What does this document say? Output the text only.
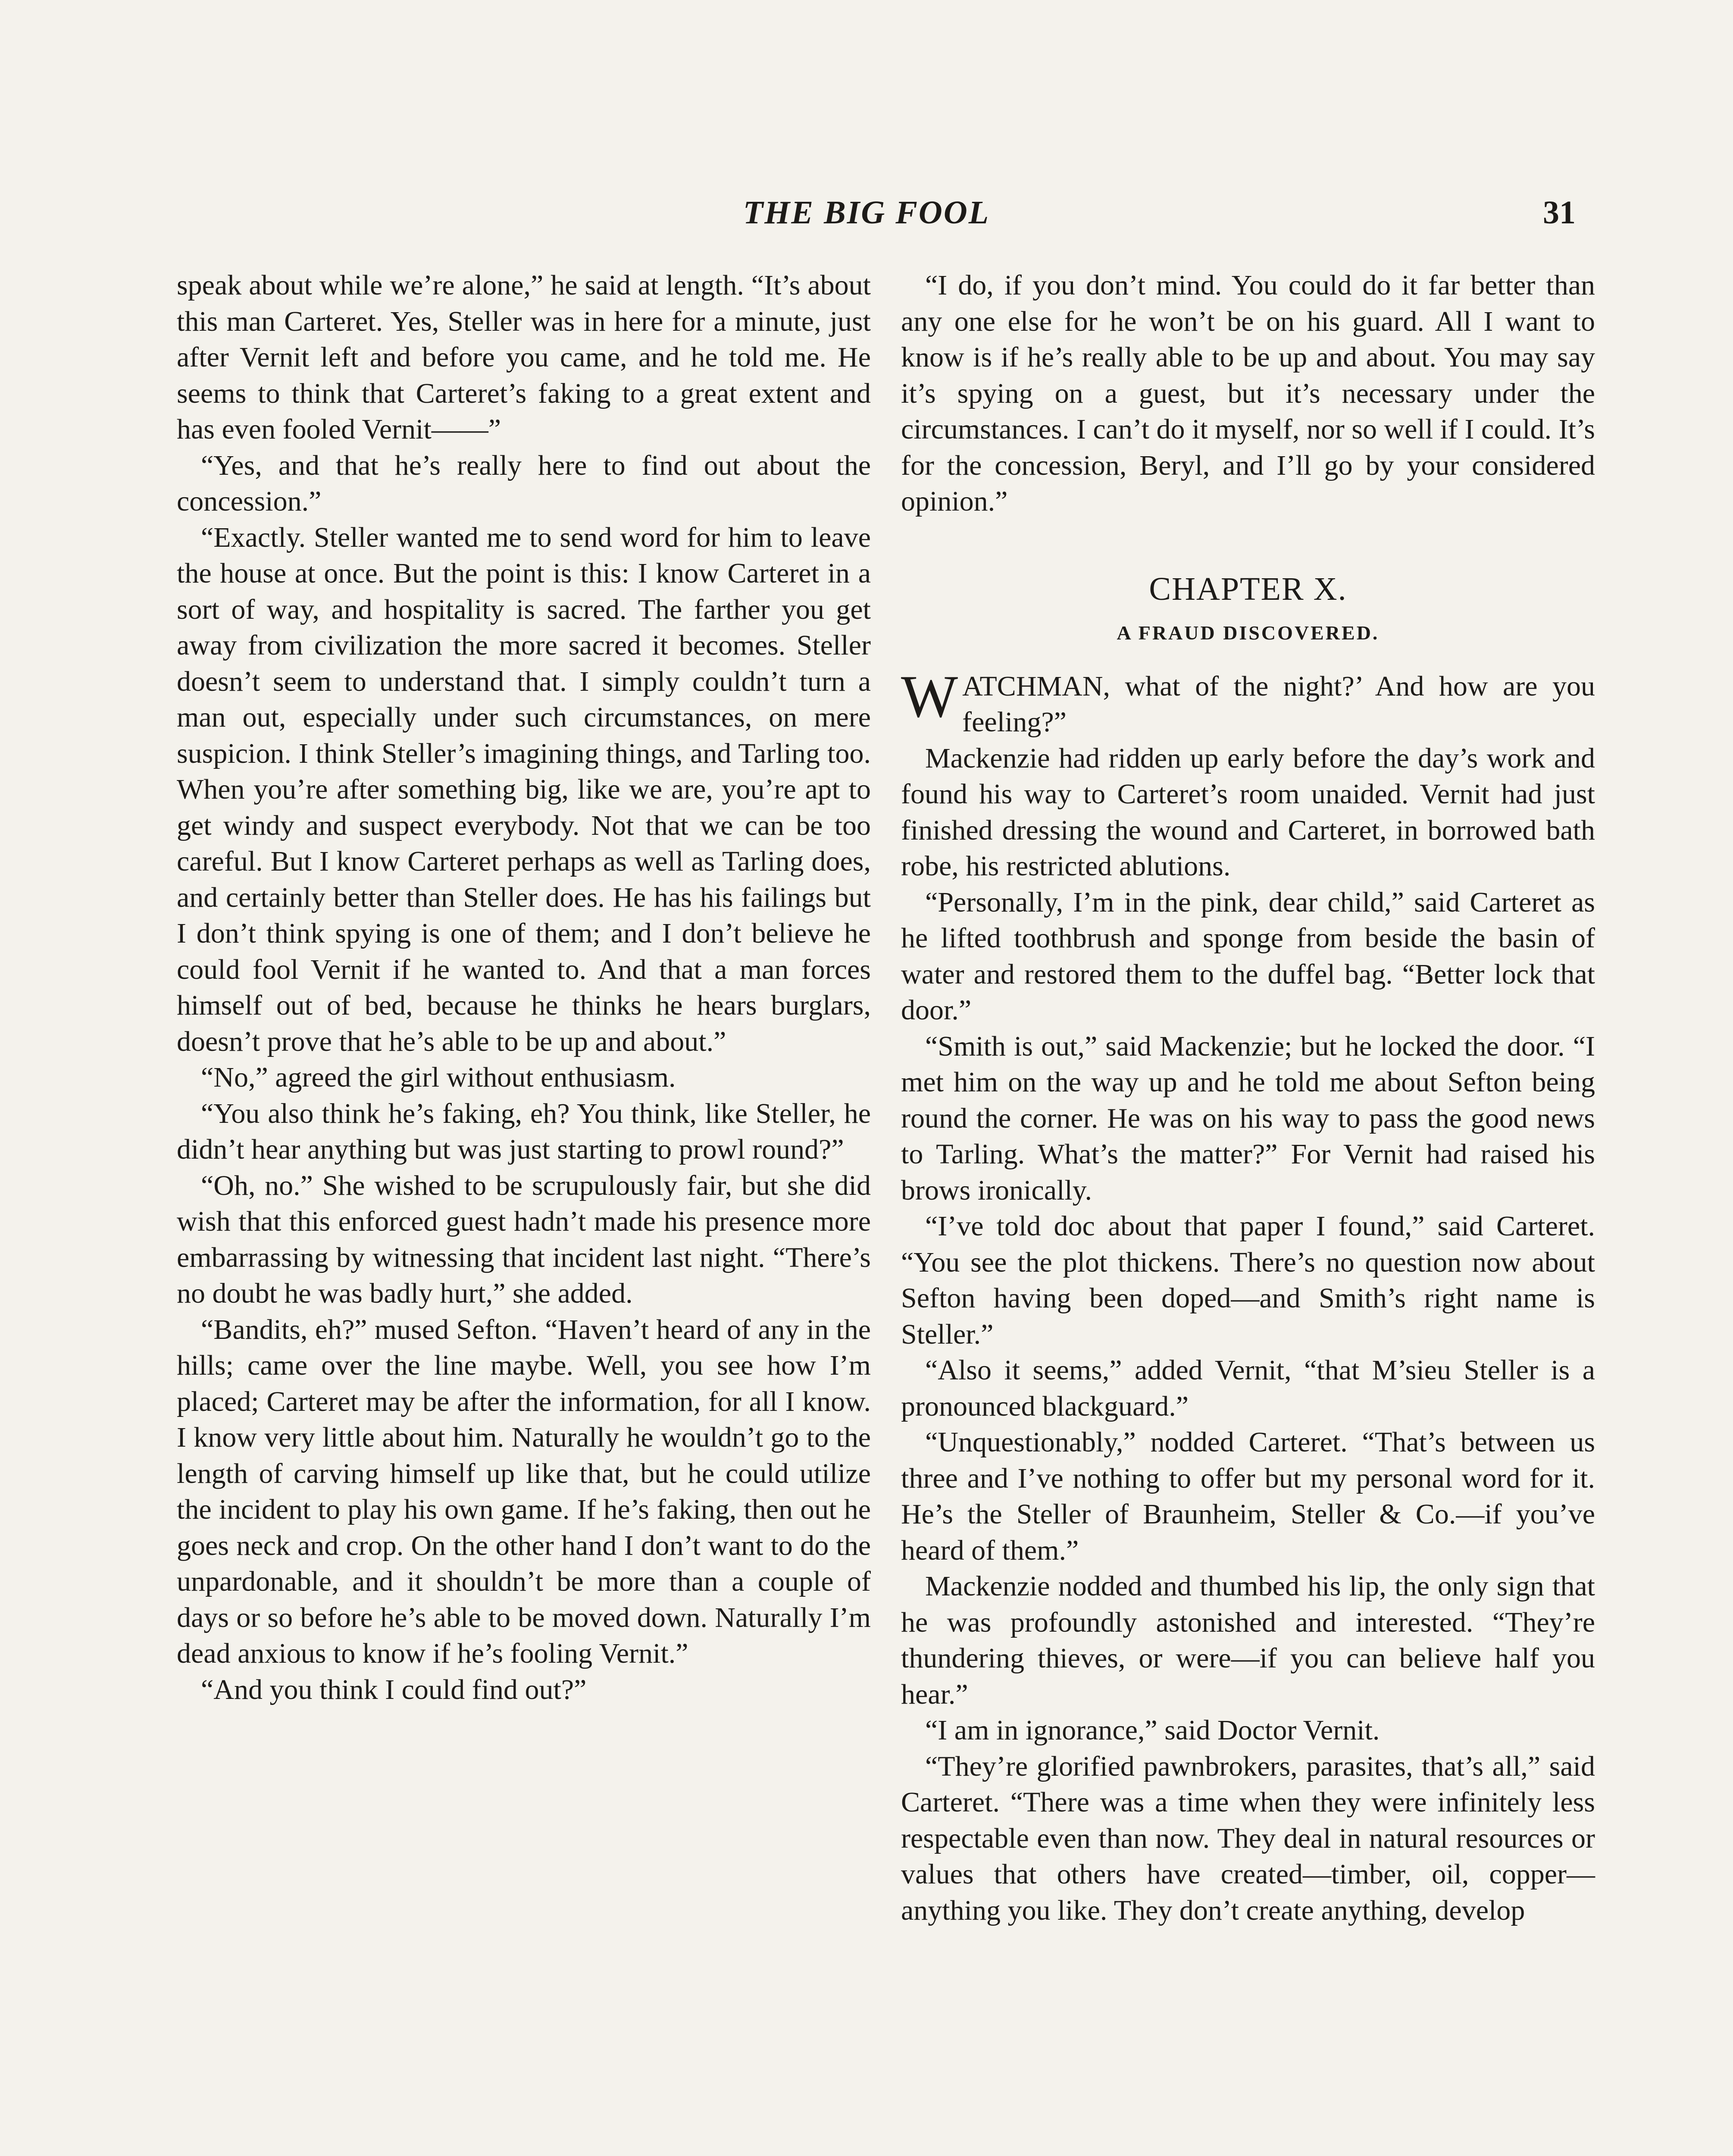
THE BIG FOOL	31

speak about while we’re alone,” he said at length. “It’s about this man Carteret. Yes, Steller was in here for a minute, just after Vernit left and before you came, and he told me. He seems to think that Carteret’s faking to a great extent and has even fooled Vernit——”

“Yes, and that he’s really here to find out about the concession.”

“Exactly. Steller wanted me to send word for him to leave the house at once. But the point is this: I know Carteret in a sort of way, and hospitality is sacred. The farther you get away from civilization the more sacred it becomes. Steller doesn’t seem to understand that. I simply couldn’t turn a man out, especially under such circumstances, on mere suspicion. I think Steller’s imagining things, and Tarling too. When you’re after something big, like we are, you’re apt to get windy and suspect everybody. Not that we can be too careful. But I know Carteret perhaps as well as Tarling does, and certainly better than Steller does. He has his failings but I don’t think spying is one of them; and I don’t believe he could fool Vernit if he wanted to. And that a man forces himself out of bed, because he thinks he hears burglars, doesn’t prove that he’s able to be up and about.”

“No,” agreed the girl without enthusiasm.

“You also think he’s faking, eh? You think, like Steller, he didn’t hear anything but was just starting to prowl round?”

“Oh, no.” She wished to be scrupulously fair, but she did wish that this enforced guest hadn’t made his presence more embarrassing by witnessing that incident last night. “There’s no doubt he was badly hurt,” she added.

“Bandits, eh?” mused Sefton. “Haven’t heard of any in the hills; came over the line maybe. Well, you see how I’m placed; Carteret may be after the information, for all I know. I know very little about him. Naturally he wouldn’t go to the length of carving himself up like that, but he could utilize the incident to play his own game. If he’s faking, then out he goes neck and crop. On the other hand I don’t want to do the unpardonable, and it shouldn’t be more than a couple of days or so before he’s able to be moved down. Naturally I’m dead anxious to know if he’s fooling Vernit.”

“And you think I could find out?”

“I do, if you don’t mind. You could do it far better than any one else for he won’t be on his guard. All I want to know is if he’s really able to be up and about. You may say it’s spying on a guest, but it’s necessary under the circumstances. I can’t do it myself, nor so well if I could. It’s for the concession, Beryl, and I’ll go by your considered opinion.”

CHAPTER X.
A FRAUD DISCOVERED.

WATCHMAN, what of the night?’ And how are you feeling?”

Mackenzie had ridden up early before the day’s work and found his way to Carteret’s room unaided. Vernit had just finished dressing the wound and Carteret, in borrowed bath robe, his restricted ablutions.

“Personally, I’m in the pink, dear child,” said Carteret as he lifted toothbrush and sponge from beside the basin of water and restored them to the duffel bag. “Better lock that door.”

“Smith is out,” said Mackenzie; but he locked the door. “I met him on the way up and he told me about Sefton being round the corner. He was on his way to pass the good news to Tarling. What’s the matter?” For Vernit had raised his brows ironically.

“I’ve told doc about that paper I found,” said Carteret. “You see the plot thickens. There’s no question now about Sefton having been doped—and Smith’s right name is Steller.”

“Also it seems,” added Vernit, “that M’sieu Steller is a pronounced blackguard.”

“Unquestionably,” nodded Carteret. “That’s between us three and I’ve nothing to offer but my personal word for it. He’s the Steller of Braunheim, Steller & Co.—if you’ve heard of them.”

Mackenzie nodded and thumbed his lip, the only sign that he was profoundly astonished and interested. “They’re thundering thieves, or were—if you can believe half you hear.”

“I am in ignorance,” said Doctor Vernit.

“They’re glorified pawnbrokers, parasites, that’s all,” said Carteret. “There was a time when they were infinitely less respectable even than now. They deal in natural resources or values that others have created—timber, oil, copper—anything you like. They don’t create anything, develop
